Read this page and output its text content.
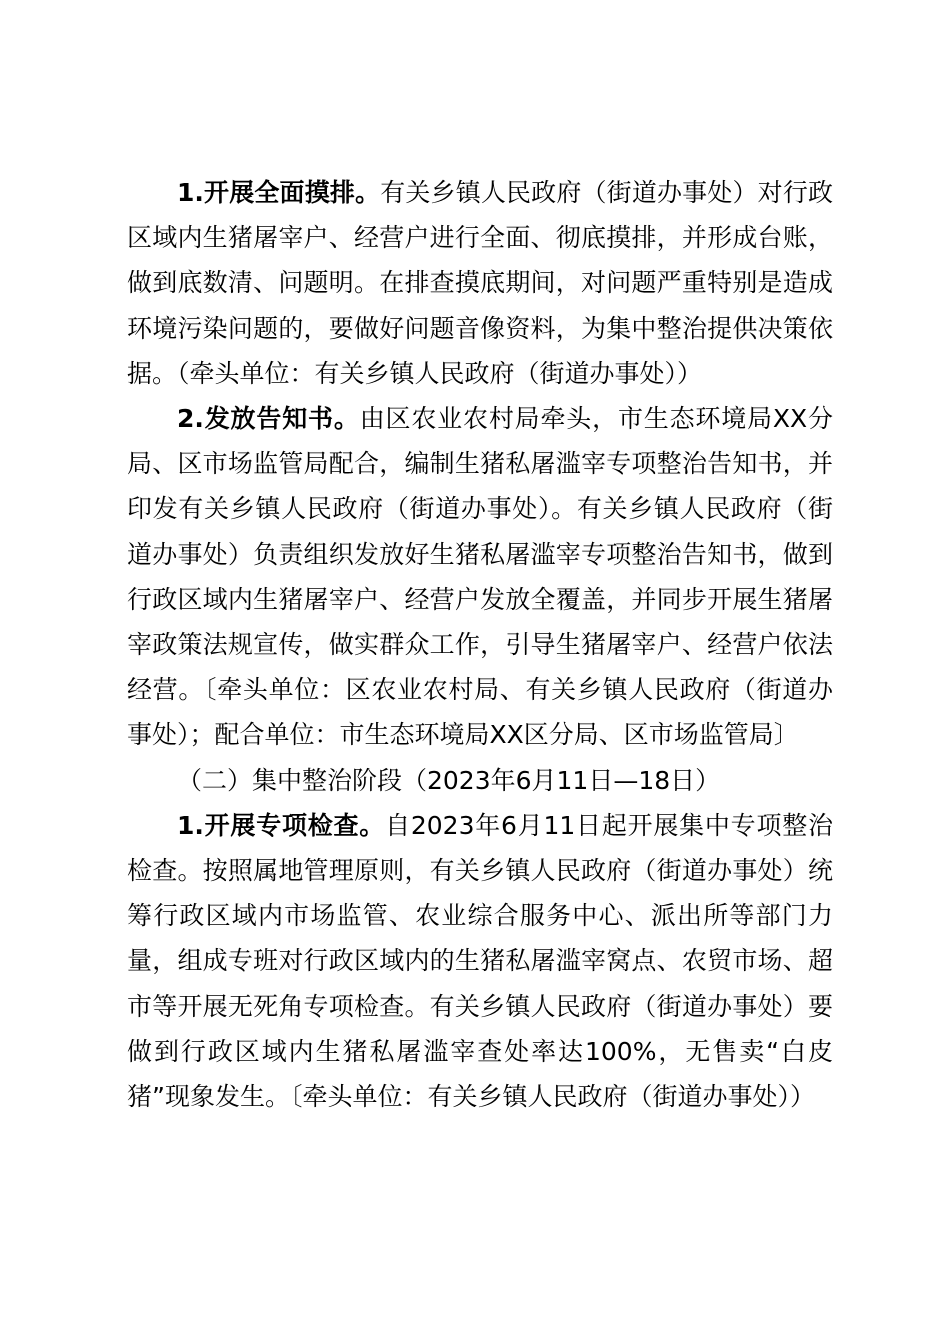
1.开展全面摸排。有关乡镇人民政府（街道办事处）对行政区域内生猪屠宰户、经营户进行全面、彻底摸排，并形成台账，做到底数清、问题明。在排查摸底期间，对问题严重特别是造成环境污染问题的，要做好问题音像资料，为集中整治提供决策依据。（牵头单位：有关乡镇人民政府（街道办事处））

2.发放告知书。由区农业农村局牵头，市生态环境局XX分局、区市场监管局配合，编制生猪私屠滥宰专项整治告知书，并印发有关乡镇人民政府（街道办事处）。有关乡镇人民政府（街道办事处）负责组织发放好生猪私屠滥宰专项整治告知书，做到行政区域内生猪屠宰户、经营户发放全覆盖，并同步开展生猪屠宰政策法规宣传，做实群众工作，引导生猪屠宰户、经营户依法经营。〔牵头单位：区农业农村局、有关乡镇人民政府（街道办事处）；配合单位：市生态环境局XX区分局、区市场监管局〕

（二）集中整治阶段（2023年6月11日—18日）

1.开展专项检查。自2023年6月11日起开展集中专项整治检查。按照属地管理原则，有关乡镇人民政府（街道办事处）统筹行政区域内市场监管、农业综合服务中心、派出所等部门力量，组成专班对行政区域内的生猪私屠滥宰窝点、农贸市场、超市等开展无死角专项检查。有关乡镇人民政府（街道办事处）要做到行政区域内生猪私屠滥宰查处率达100%，无售卖“白皮猪”现象发生。〔牵头单位：有关乡镇人民政府（街道办事处））
